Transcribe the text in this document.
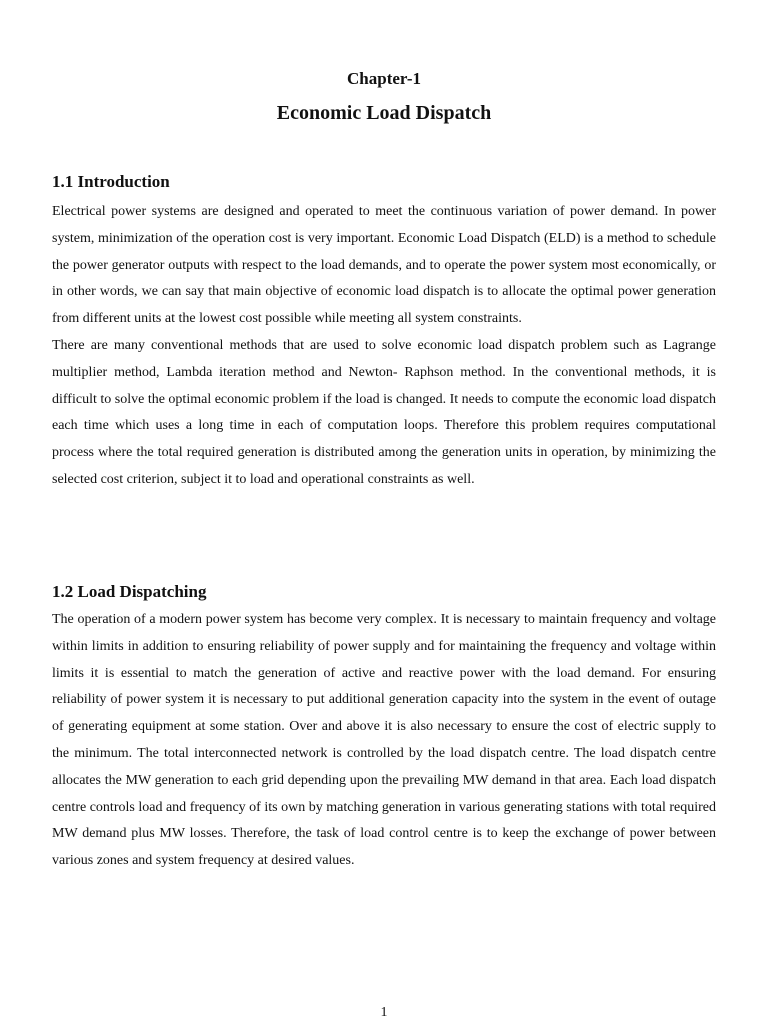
Chapter-1
Economic Load Dispatch
1.1 Introduction

Electrical power systems are designed and operated to meet the continuous variation of power demand. In power system, minimization of the operation cost is very important. Economic Load Dispatch (ELD) is a method to schedule the power generator outputs with respect to the load demands, and to operate the power system most economically, or in other words, we can say that main objective of economic load dispatch is to allocate the optimal power generation from different units at the lowest cost possible while meeting all system constraints.

There are many conventional methods that are used to solve economic load dispatch problem such as Lagrange multiplier method, Lambda iteration method and Newton- Raphson method. In the conventional methods, it is difficult to solve the optimal economic problem if the load is changed. It needs to compute the economic load dispatch each time which uses a long time in each of computation loops. Therefore this problem requires computational process where the total required generation is distributed among the generation units in operation, by minimizing the selected cost criterion, subject it to load and operational constraints as well.

1.2 Load Dispatching

The operation of a modern power system has become very complex. It is necessary to maintain frequency and voltage within limits in addition to ensuring reliability of power supply and for maintaining the frequency and voltage within limits it is essential to match the generation of active and reactive power with the load demand. For ensuring reliability of power system it is necessary to put additional generation capacity into the system in the event of outage of generating equipment at some station. Over and above it is also necessary to ensure the cost of electric supply to the minimum. The total interconnected network is controlled by the load dispatch centre. The load dispatch centre allocates the MW generation to each grid depending upon the prevailing MW demand in that area. Each load dispatch centre controls load and frequency of its own by matching generation in various generating stations with total required MW demand plus MW losses. Therefore, the task of load control centre is to keep the exchange of power between various zones and system frequency at desired values.

1
